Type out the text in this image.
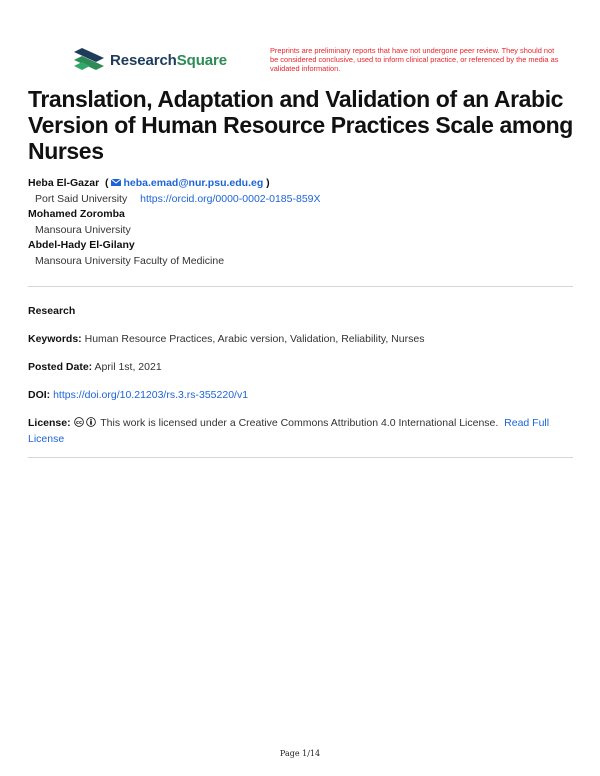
ResearchSquare
Preprints are preliminary reports that have not undergone peer review. They should not be considered conclusive, used to inform clinical practice, or referenced by the media as validated information.
Translation, Adaptation and Validation of an Arabic Version of Human Resource Practices Scale among Nurses
Heba El-Gazar  ( heba.emad@nur.psu.edu.eg )
Port Said University https://orcid.org/0000-0002-0185-859X
Mohamed Zoromba
Mansoura University
Abdel-Hady El-Gilany
Mansoura University Faculty of Medicine
Research
Keywords: Human Resource Practices, Arabic version, Validation, Reliability, Nurses
Posted Date: April 1st, 2021
DOI: https://doi.org/10.21203/rs.3.rs-355220/v1
License: cc This work is licensed under a Creative Commons Attribution 4.0 International License. Read Full License
Page 1/14
